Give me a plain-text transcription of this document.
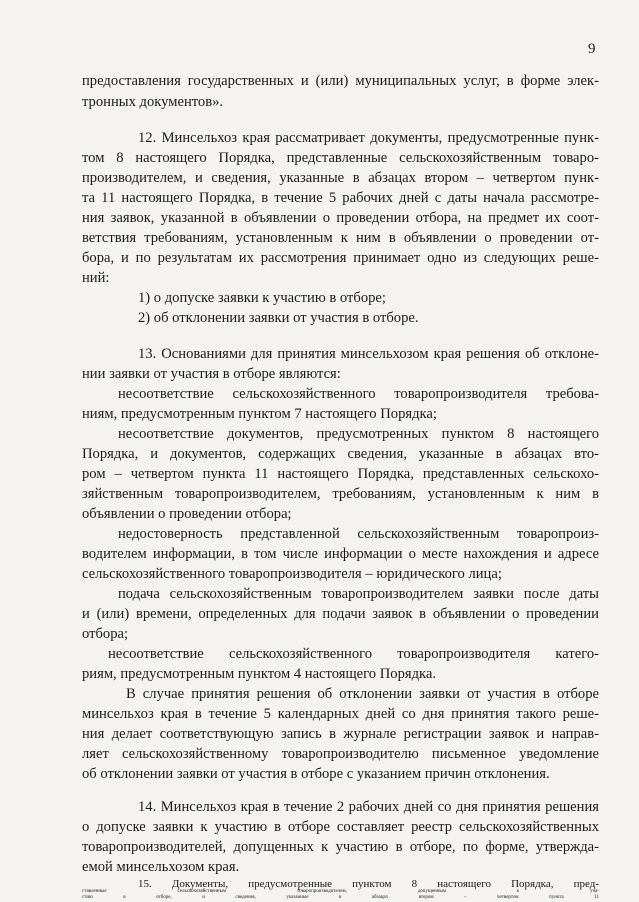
9
предоставления государственных и (или) муниципальных услуг, в форме элек-
тронных документов».
12. Минсельхоз края рассматривает документы, предусмотренные пунк-
том 8 настоящего Порядка, представленные сельскохозяйственным товаро-
производителем, и сведения, указанные в абзацах втором – четвертом пунк-
та 11 настоящего Порядка, в течение 5 рабочих дней с даты начала рассмотре-
ния заявок, указанной в объявлении о проведении отбора, на предмет их соот-
ветствия требованиям, установленным к ним в объявлении о проведении от-
бора, и по результатам их рассмотрения принимает одно из следующих реше-
ний:
1) о допуске заявки к участию в отборе;
2) об отклонении заявки от участия в отборе.
13. Основаниями для принятия минсельхозом края решения об отклоне-
нии заявки от участия в отборе являются:
несоответствие сельскохозяйственного товаропроизводителя требова-
ниям, предусмотренным пунктом 7 настоящего Порядка;
несоответствие документов, предусмотренных пунктом 8 настоящего
Порядка, и документов, содержащих сведения, указанные в абзацах вто-
ром – четвертом пункта 11 настоящего Порядка, представленных сельскохо-
зяйственным товаропроизводителем, требованиям, установленным к ним в
объявлении о проведении отбора;
недостоверность представленной сельскохозяйственным товаропроиз-
водителем информации, в том числе информации о месте нахождения и адресе
сельскохозяйственного товаропроизводителя – юридического лица;
подача сельскохозяйственным товаропроизводителем заявки после даты
и (или) времени, определенных для подачи заявок в объявлении о проведении
отбора;
несоответствие сельскохозяйственного товаропроизводителя катего-
риям, предусмотренным пунктом 4 настоящего Порядка.
В случае принятия решения об отклонении заявки от участия в отборе
минсельхоз края в течение 5 календарных дней со дня принятия такого реше-
ния делает соответствующую запись в журнале регистрации заявок и направ-
ляет сельскохозяйственному товаропроизводителю письменное уведомление
об отклонении заявки от участия в отборе с указанием причин отклонения.
14. Минсельхоз края в течение 2 рабочих дней со дня принятия решения
о допуске заявки к участию в отборе составляет реестр сельскохозяйственных
товаропроизводителей, допущенных к участию в отборе, по форме, утвержда-
емой минсельхозом края.
15. Документы, предусмотренные пунктом 8 настоящего Порядка, пред-
ставленные сельскохозяйственным товаропроизводителем, допущенным к уча-
стию в отборе, и сведения, указанные в абзацах втором – четвертом пункта 11
